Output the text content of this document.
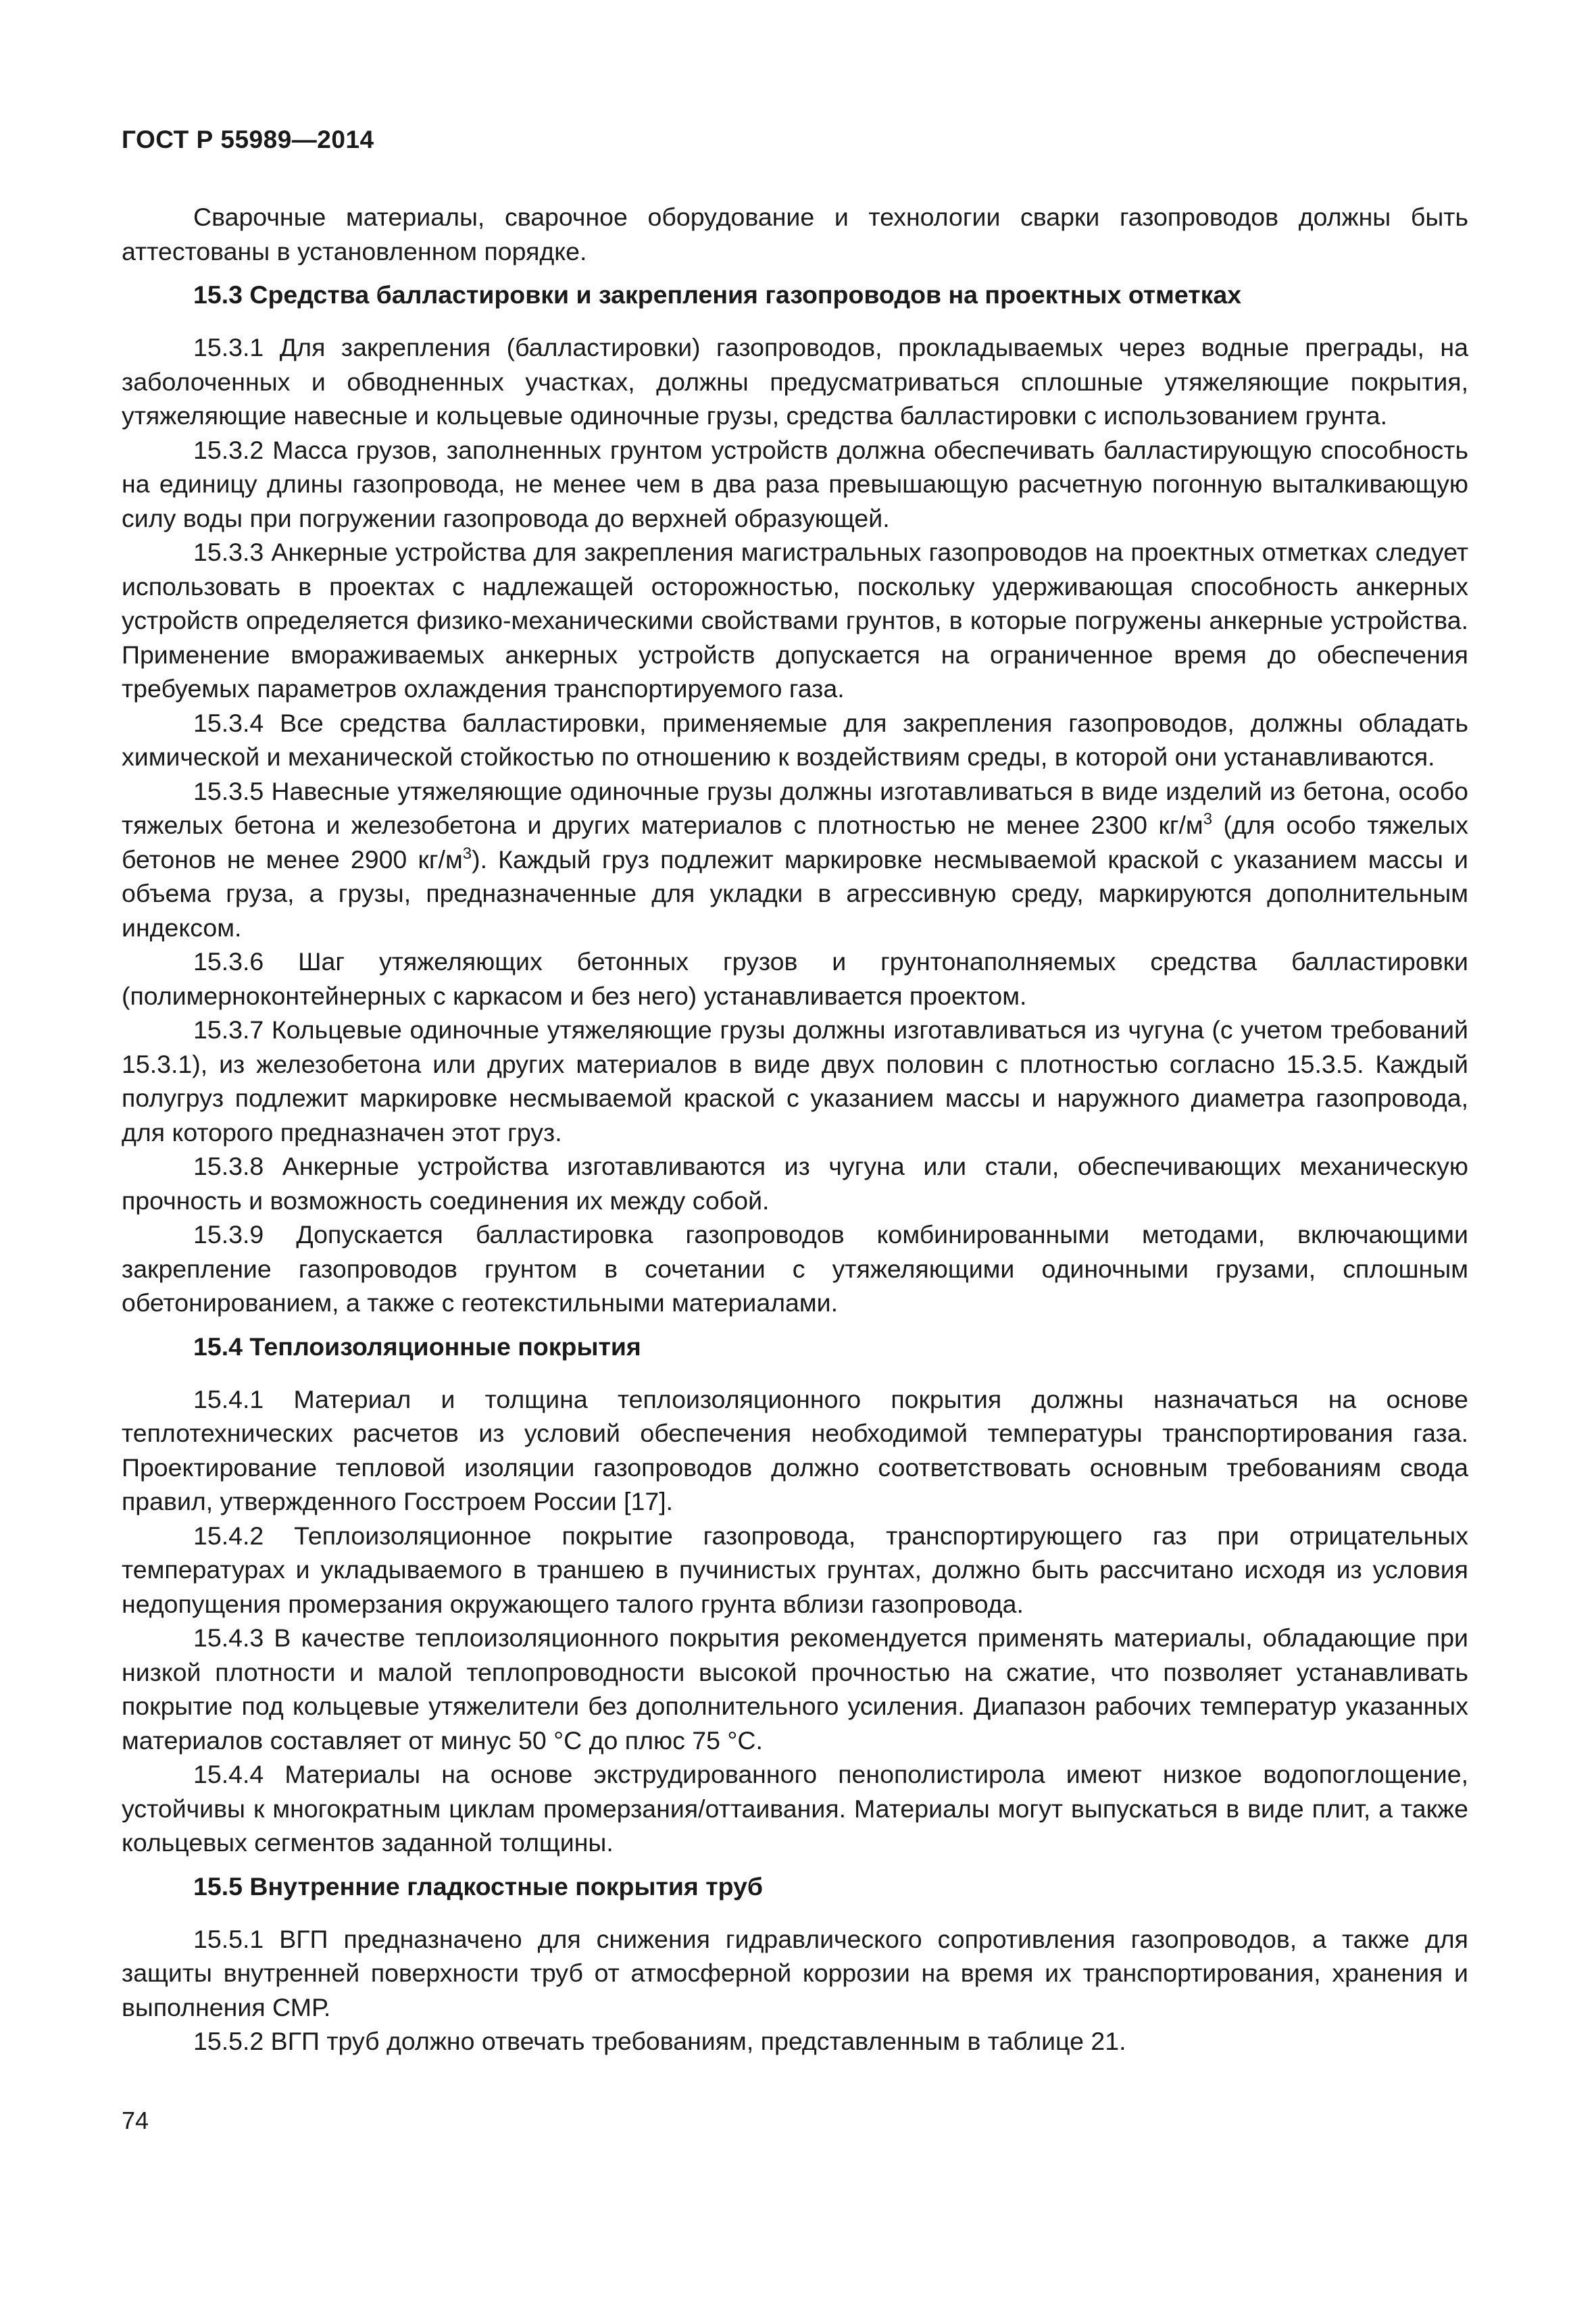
ГОСТ Р 55989—2014

Сварочные материалы, сварочное оборудование и технологии сварки газопроводов должны быть аттестованы в установленном порядке.

15.3 Средства балластировки и закрепления газопроводов на проектных отметках

15.3.1 Для закрепления (балластировки) газопроводов, прокладываемых через водные преграды, на заболоченных и обводненных участках, должны предусматриваться сплошные утяжеляющие покрытия, утяжеляющие навесные и кольцевые одиночные грузы, средства балластировки с использованием грунта.

15.3.2 Масса грузов, заполненных грунтом устройств должна обеспечивать балластирующую способность на единицу длины газопровода, не менее чем в два раза превышающую расчетную погонную выталкивающую силу воды при погружении газопровода до верхней образующей.

15.3.3 Анкерные устройства для закрепления магистральных газопроводов на проектных отметках следует использовать в проектах с надлежащей осторожностью, поскольку удерживающая способность анкерных устройств определяется физико-механическими свойствами грунтов, в которые погружены анкерные устройства. Применение вмораживаемых анкерных устройств допускается на ограниченное время до обеспечения требуемых параметров охлаждения транспортируемого газа.

15.3.4 Все средства балластировки, применяемые для закрепления газопроводов, должны обладать химической и механической стойкостью по отношению к воздействиям среды, в которой они устанавливаются.

15.3.5 Навесные утяжеляющие одиночные грузы должны изготавливаться в виде изделий из бетона, особо тяжелых бетона и железобетона и других материалов с плотностью не менее 2300 $кг/м^3$ (для особо тяжелых бетонов не менее 2900 $кг/м^3$). Каждый груз подлежит маркировке несмываемой краской с указанием массы и объема груза, а грузы, предназначенные для укладки в агрессивную среду, маркируются дополнительным индексом.

15.3.6 Шаг утяжеляющих бетонных грузов и грунтонаполняемых средства балластировки (полимерноконтейнерных с каркасом и без него) устанавливается проектом.

15.3.7 Кольцевые одиночные утяжеляющие грузы должны изготавливаться из чугуна (с учетом требований 15.3.1), из железобетона или других материалов в виде двух половин с плотностью согласно 15.3.5. Каждый полугруз подлежит маркировке несмываемой краской с указанием массы и наружного диаметра газопровода, для которого предназначен этот груз.

15.3.8 Анкерные устройства изготавливаются из чугуна или стали, обеспечивающих механическую прочность и возможность соединения их между собой.

15.3.9 Допускается балластировка газопроводов комбинированными методами, включающими закрепление газопроводов грунтом в сочетании с утяжеляющими одиночными грузами, сплошным обетонированием, а также с геотекстильными материалами.

15.4 Теплоизоляционные покрытия

15.4.1 Материал и толщина теплоизоляционного покрытия должны назначаться на основе теплотехнических расчетов из условий обеспечения необходимой температуры транспортирования газа. Проектирование тепловой изоляции газопроводов должно соответствовать основным требованиям свода правил, утвержденного Госстроем России [17].

15.4.2 Теплоизоляционное покрытие газопровода, транспортирующего газ при отрицательных температурах и укладываемого в траншею в пучинистых грунтах, должно быть рассчитано исходя из условия недопущения промерзания окружающего талого грунта вблизи газопровода.

15.4.3 В качестве теплоизоляционного покрытия рекомендуется применять материалы, обладающие при низкой плотности и малой теплопроводности высокой прочностью на сжатие, что позволяет устанавливать покрытие под кольцевые утяжелители без дополнительного усиления. Диапазон рабочих температур указанных материалов составляет от минус 50 °С до плюс 75 °С.

15.4.4 Материалы на основе экструдированного пенополистирола имеют низкое водопоглощение, устойчивы к многократным циклам промерзания/оттаивания. Материалы могут выпускаться в виде плит, а также кольцевых сегментов заданной толщины.

15.5 Внутренние гладкостные покрытия труб

15.5.1 ВГП предназначено для снижения гидравлического сопротивления газопроводов, а также для защиты внутренней поверхности труб от атмосферной коррозии на время их транспортирования, хранения и выполнения СМР.

15.5.2 ВГП труб должно отвечать требованиям, представленным в таблице 21.

74
